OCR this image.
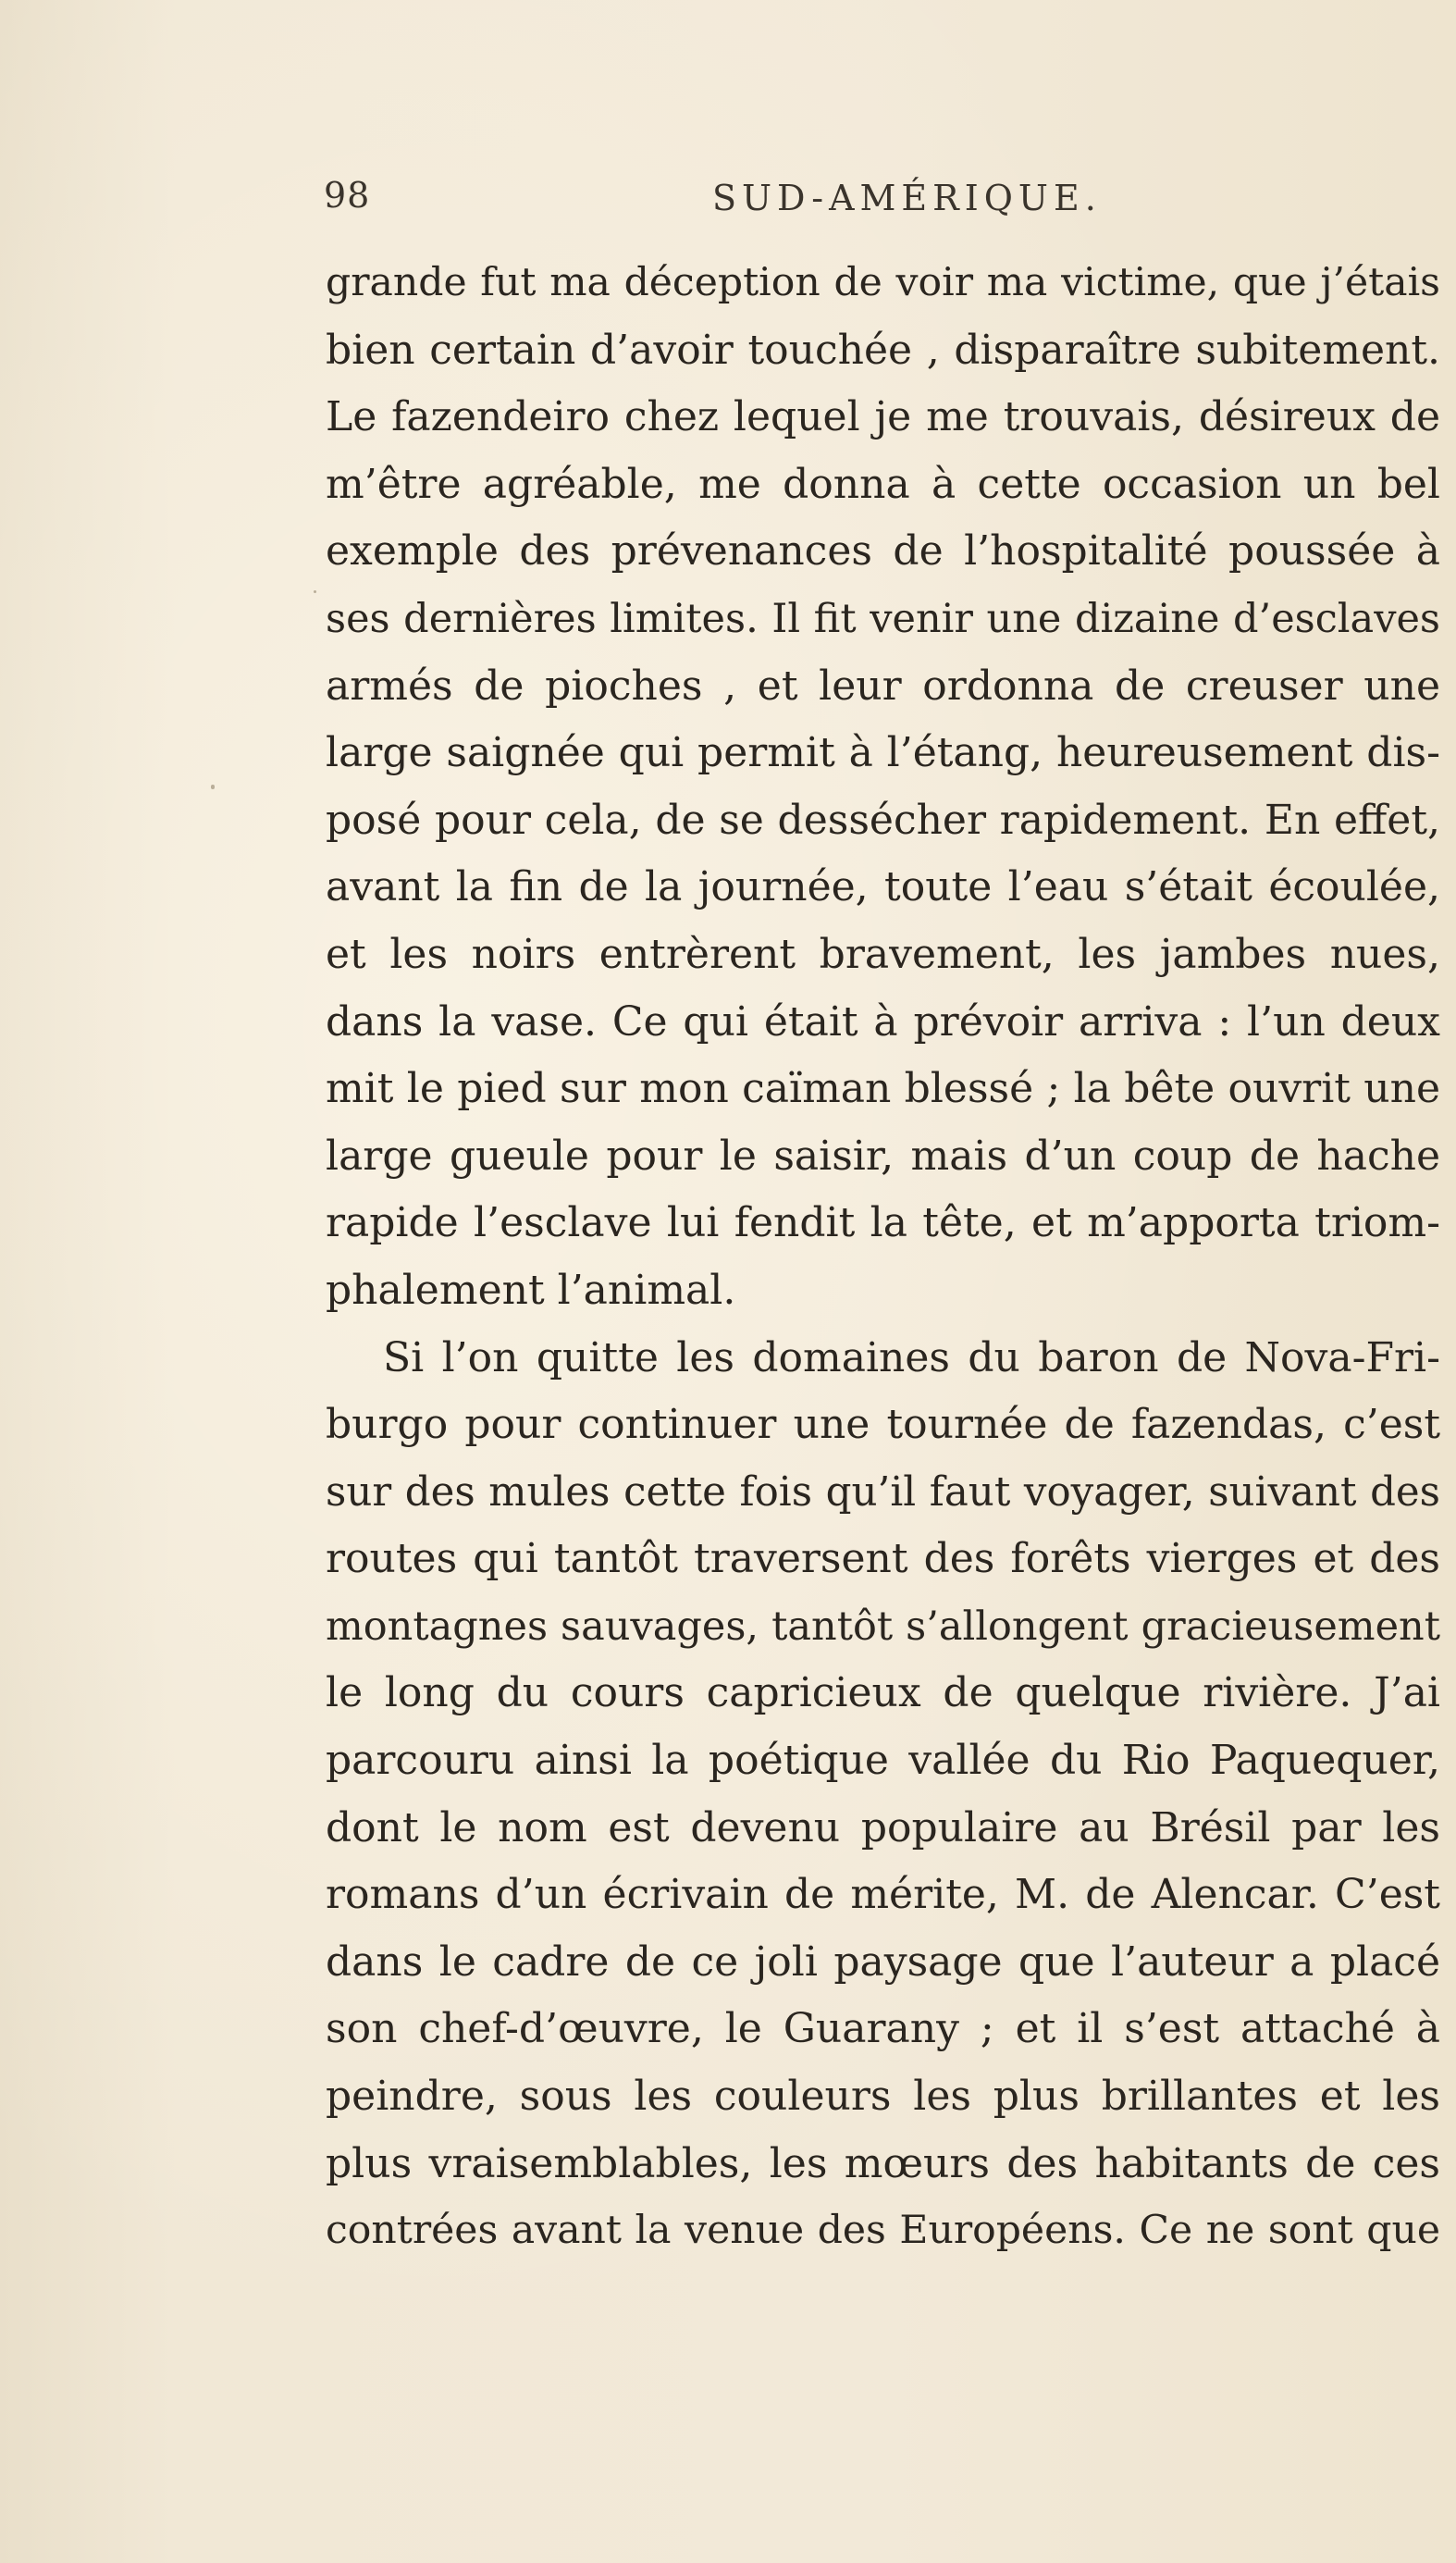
98	SUD-AMÉRIQUE.
grande fut ma déception de voir ma victime, que j’étais
bien certain d’avoir touchée , disparaître subitement.
Le fazendeiro chez lequel je me trouvais, désireux de
m’être agréable, me donna à cette occasion un bel
exemple des prévenances de l’hospitalité poussée à
ses dernières limites. Il fit venir une dizaine d’esclaves
armés de pioches , et leur ordonna de creuser une
large saignée qui permit à l’étang, heureusement dis-
posé pour cela, de se dessécher rapidement. En effet,
avant la fin de la journée, toute l’eau s’était écoulée,
et les noirs entrèrent bravement, les jambes nues,
dans la vase. Ce qui était à prévoir arriva : l’un deux
mit le pied sur mon caïman blessé ; la bête ouvrit une
large gueule pour le saisir, mais d’un coup de hache
rapide l’esclave lui fendit la tête, et m’apporta triom-
phalement l’animal.
Si l’on quitte les domaines du baron de Nova-Fri-
burgo pour continuer une tournée de fazendas, c’est
sur des mules cette fois qu’il faut voyager, suivant des
routes qui tantôt traversent des forêts vierges et des
montagnes sauvages, tantôt s’allongent gracieusement
le long du cours capricieux de quelque rivière. J’ai
parcouru ainsi la poétique vallée du Rio Paquequer,
dont le nom est devenu populaire au Brésil par les
romans d’un écrivain de mérite, M. de Alencar. C’est
dans le cadre de ce joli paysage que l’auteur a placé
son chef-d’œuvre, le Guarany ; et il s’est attaché à
peindre, sous les couleurs les plus brillantes et les
plus vraisemblables, les mœurs des habitants de ces
contrées avant la venue des Européens. Ce ne sont que
